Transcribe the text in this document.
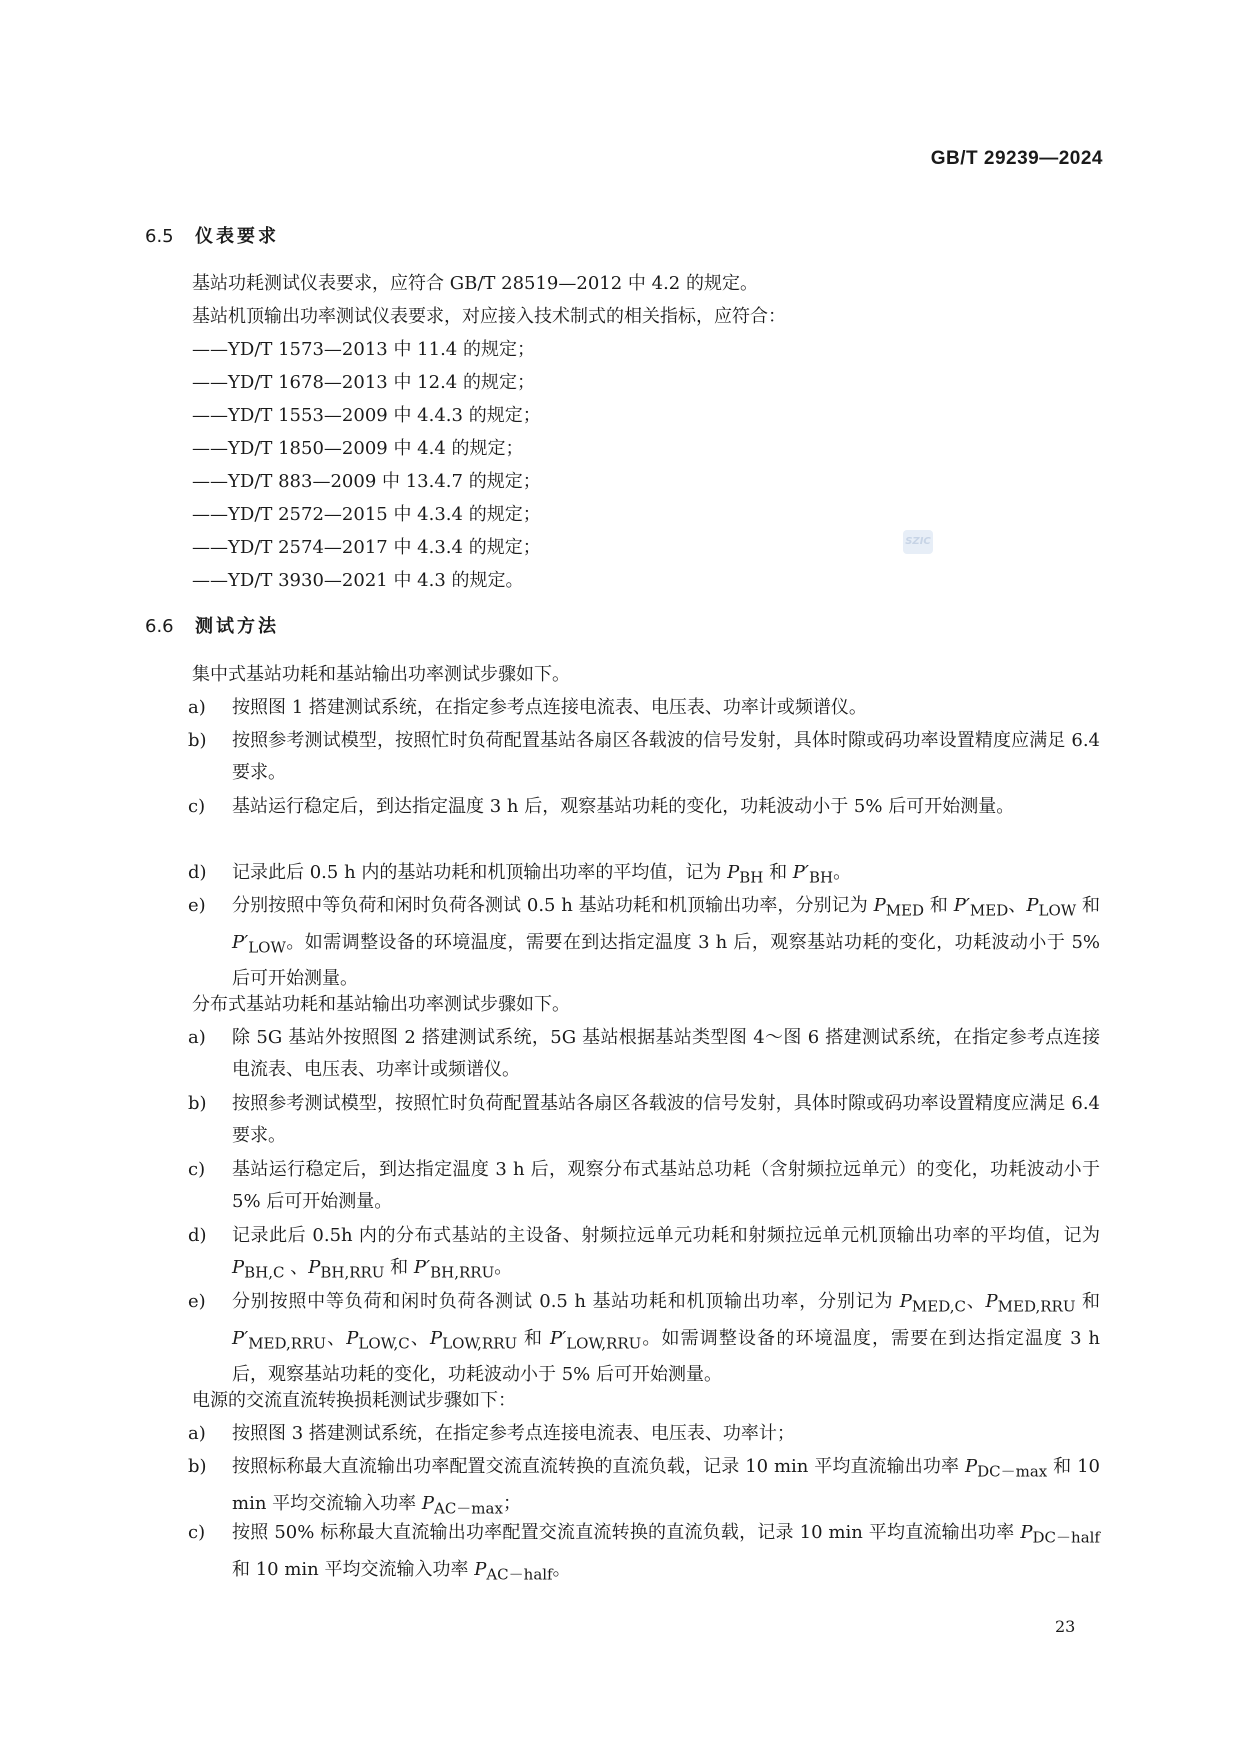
GB/T 29239—2024
SZIC
6.5 仪表要求
基站功耗测试仪表要求，应符合 GB/T 28519—2012 中 4.2 的规定。
基站机顶输出功率测试仪表要求，对应接入技术制式的相关指标，应符合：
——YD/T 1573—2013 中 11.4 的规定；
——YD/T 1678—2013 中 12.4 的规定；
——YD/T 1553—2009 中 4.4.3 的规定；
——YD/T 1850—2009 中 4.4 的规定；
——YD/T 883—2009 中 13.4.7 的规定；
——YD/T 2572—2015 中 4.3.4 的规定；
——YD/T 2574—2017 中 4.3.4 的规定；
——YD/T 3930—2021 中 4.3 的规定。
6.6 测试方法
集中式基站功耗和基站输出功率测试步骤如下。
a) 按照图 1 搭建测试系统，在指定参考点连接电流表、电压表、功率计或频谱仪。
b) 按照参考测试模型，按照忙时负荷配置基站各扇区各载波的信号发射，具体时隙或码功率设置精度应满足 6.4 要求。
c) 基站运行稳定后，到达指定温度 3 h 后，观察基站功耗的变化，功耗波动小于 5% 后可开始测量。
d) 记录此后 0.5 h 内的基站功耗和机顶输出功率的平均值，记为 $P_{BH}$ 和 $P'_{BH}$。
e) 分别按照中等负荷和闲时负荷各测试 0.5 h 基站功耗和机顶输出功率，分别记为 $P_{MED}$ 和 $P'_{MED}$、$P_{LOW}$ 和 $P'_{LOW}$。如需调整设备的环境温度，需要在到达指定温度 3 h 后，观察基站功耗的变化，功耗波动小于 5% 后可开始测量。
分布式基站功耗和基站输出功率测试步骤如下。
a) 除 5G 基站外按照图 2 搭建测试系统，5G 基站根据基站类型图 4～图 6 搭建测试系统，在指定参考点连接电流表、电压表、功率计或频谱仪。
b) 按照参考测试模型，按照忙时负荷配置基站各扇区各载波的信号发射，具体时隙或码功率设置精度应满足 6.4 要求。
c) 基站运行稳定后，到达指定温度 3 h 后，观察分布式基站总功耗（含射频拉远单元）的变化，功耗波动小于 5% 后可开始测量。
d) 记录此后 0.5h 内的分布式基站的主设备、射频拉远单元功耗和射频拉远单元机顶输出功率的平均值，记为 $P_{BH,C}$ 、$P_{BH,RRU}$ 和 $P'_{BH,RRU}$。
e) 分别按照中等负荷和闲时负荷各测试 0.5 h 基站功耗和机顶输出功率，分别记为 $P_{MED,C}$、$P_{MED,RRU}$ 和 $P'_{MED,RRU}$、$P_{LOW,C}$、$P_{LOW,RRU}$ 和 $P'_{LOW,RRU}$。如需调整设备的环境温度，需要在到达指定温度 3 h 后，观察基站功耗的变化，功耗波动小于 5% 后可开始测量。
电源的交流直流转换损耗测试步骤如下：
a) 按照图 3 搭建测试系统，在指定参考点连接电流表、电压表、功率计；
b) 按照标称最大直流输出功率配置交流直流转换的直流负载，记录 10 min 平均直流输出功率 $P_{DC-max}$ 和 10 min 平均交流输入功率 $P_{AC-max}$；
c) 按照 50% 标称最大直流输出功率配置交流直流转换的直流负载，记录 10 min 平均直流输出功率 $P_{DC-half}$ 和 10 min 平均交流输入功率 $P_{AC-half}$。
23
